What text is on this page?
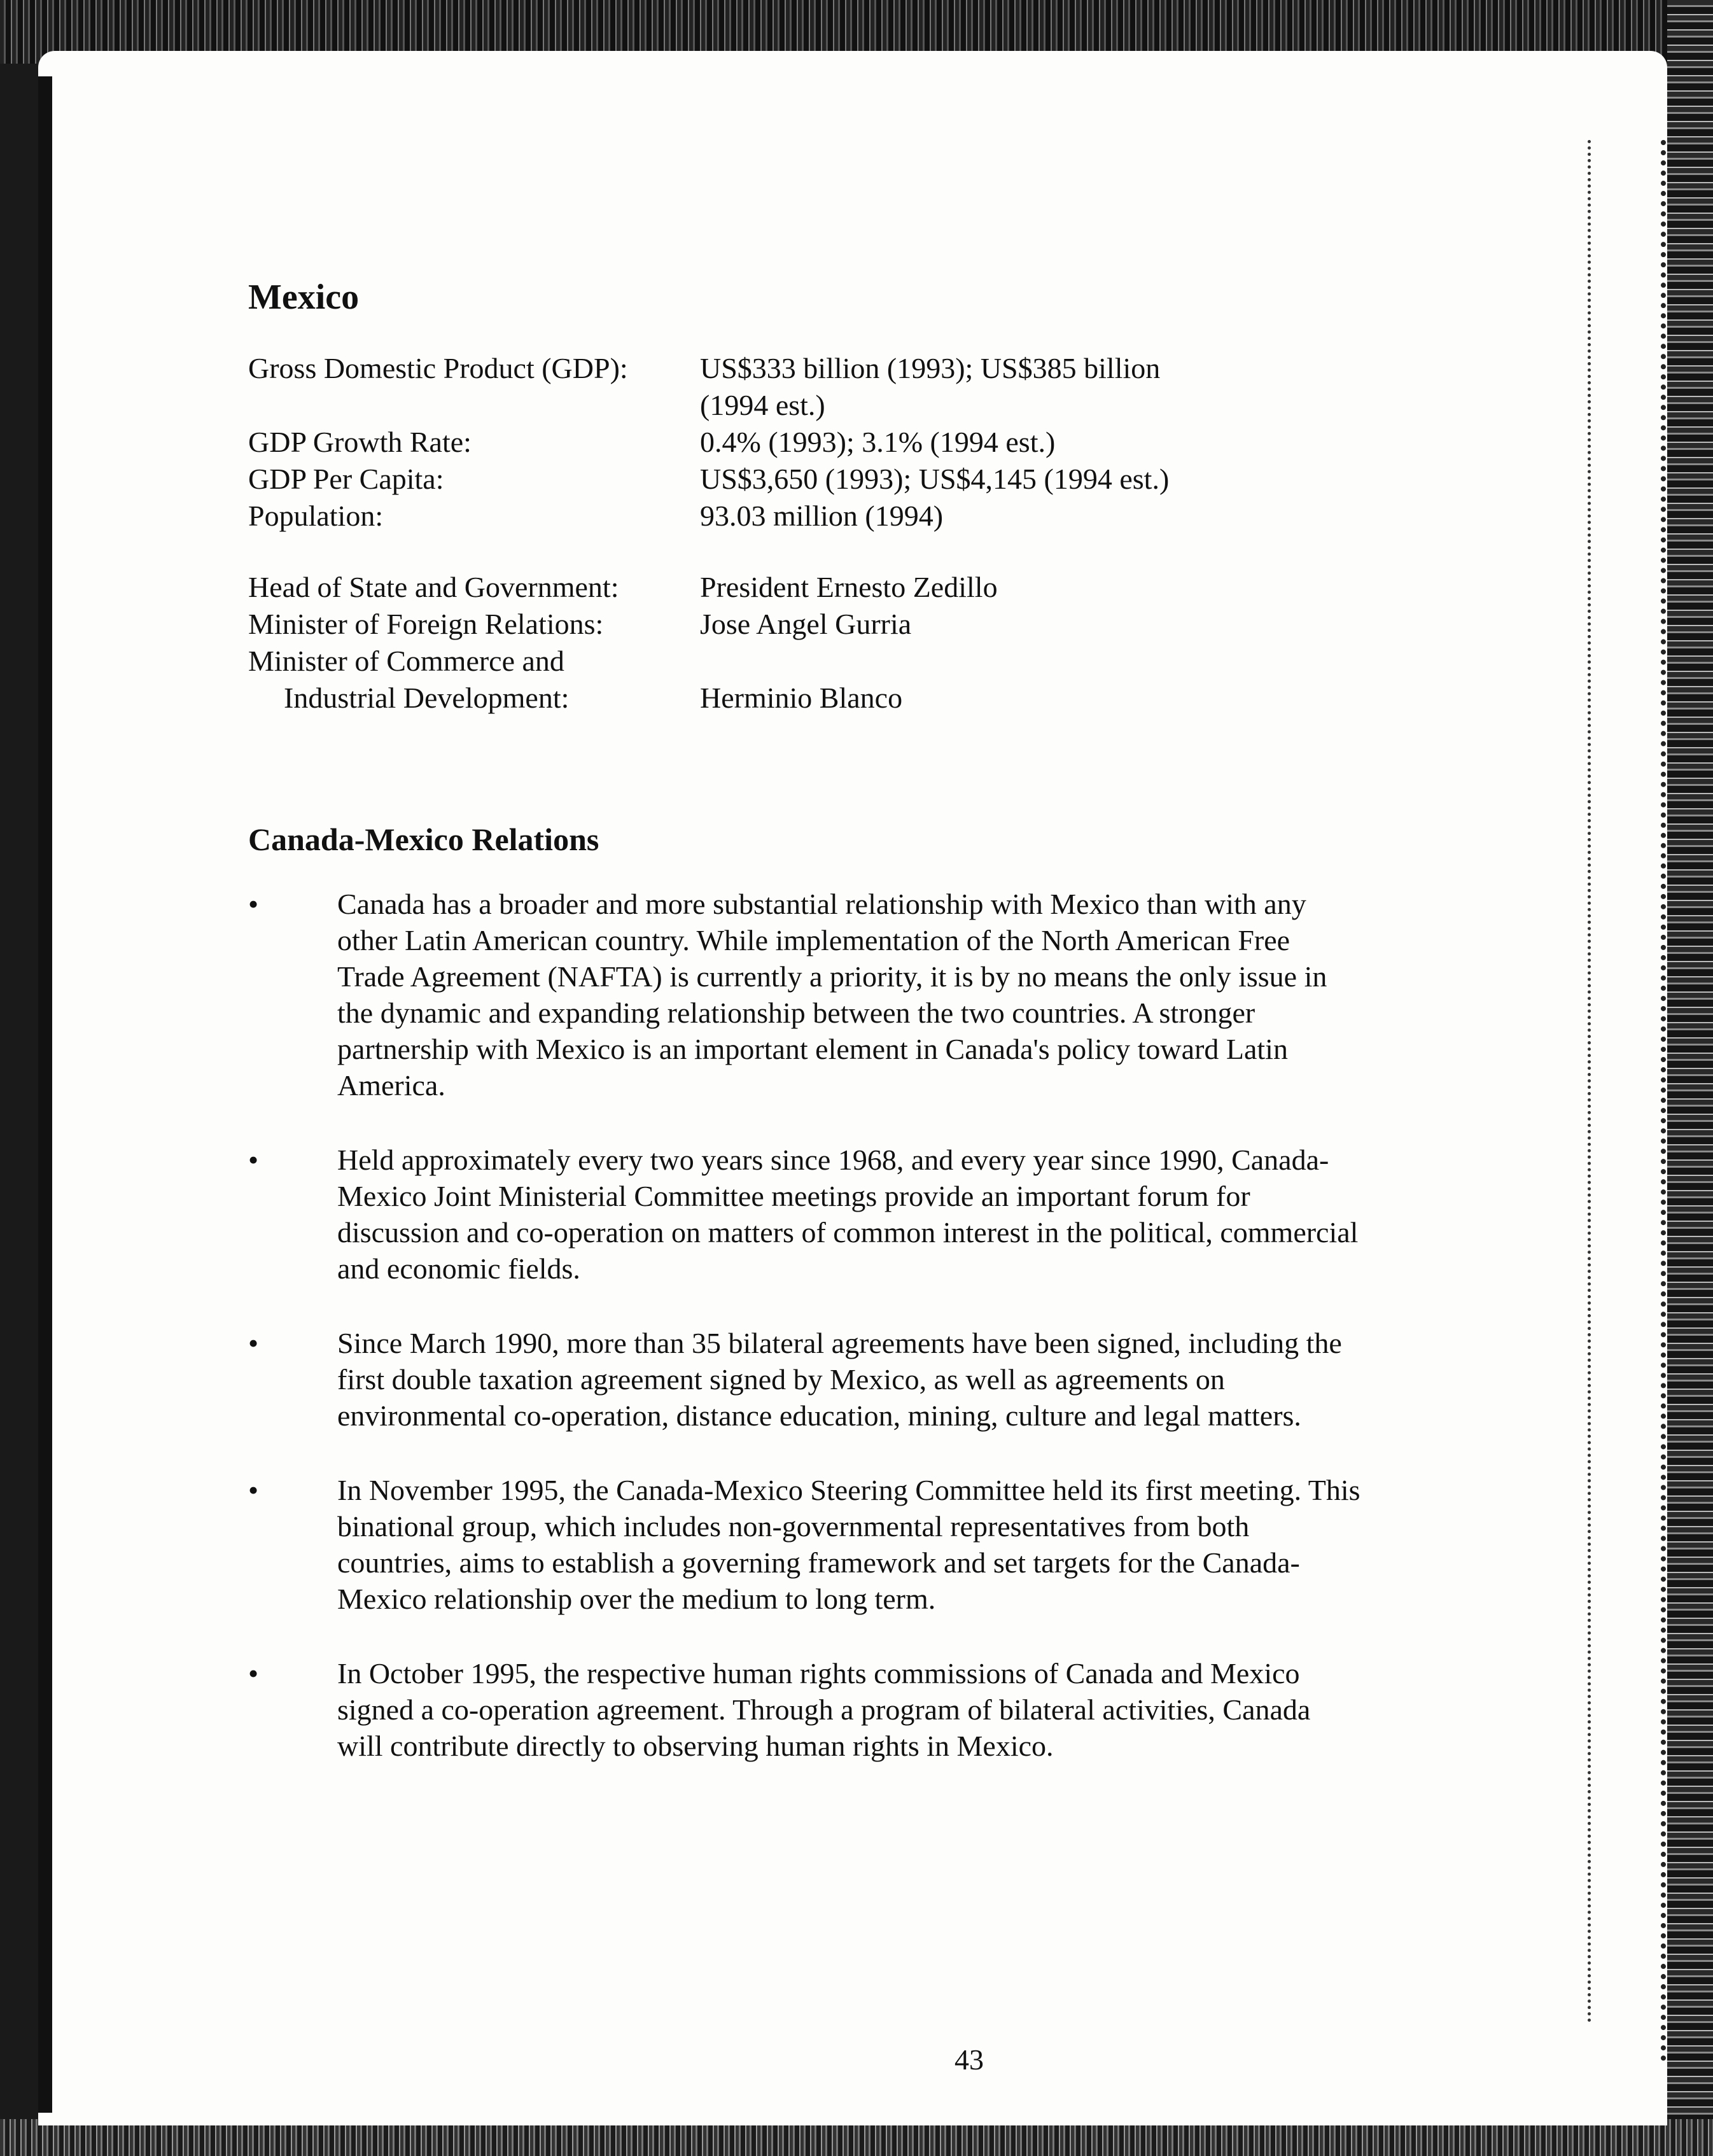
Mexico
Gross Domestic Product (GDP):	US$333 billion (1993); US$385 billion (1994 est.)
GDP Growth Rate:	0.4% (1993); 3.1% (1994 est.)
GDP Per Capita:	US$3,650 (1993); US$4,145 (1994 est.)
Population:	93.03 million (1994)
Head of State and Government:	President Ernesto Zedillo
Minister of Foreign Relations:	Jose Angel Gurria
Minister of Commerce and
Industrial Development:	Herminio Blanco
Canada-Mexico Relations
•	Canada has a broader and more substantial relationship with Mexico than with any other Latin American country. While implementation of the North American Free Trade Agreement (NAFTA) is currently a priority, it is by no means the only issue in the dynamic and expanding relationship between the two countries. A stronger partnership with Mexico is an important element in Canada's policy toward Latin America.
•	Held approximately every two years since 1968, and every year since 1990, Canada-Mexico Joint Ministerial Committee meetings provide an important forum for discussion and co-operation on matters of common interest in the political, commercial and economic fields.
•	Since March 1990, more than 35 bilateral agreements have been signed, including the first double taxation agreement signed by Mexico, as well as agreements on environmental co-operation, distance education, mining, culture and legal matters.
•	In November 1995, the Canada-Mexico Steering Committee held its first meeting. This binational group, which includes non-governmental representatives from both countries, aims to establish a governing framework and set targets for the Canada-Mexico relationship over the medium to long term.
•	In October 1995, the respective human rights commissions of Canada and Mexico signed a co-operation agreement. Through a program of bilateral activities, Canada will contribute directly to observing human rights in Mexico.
43
